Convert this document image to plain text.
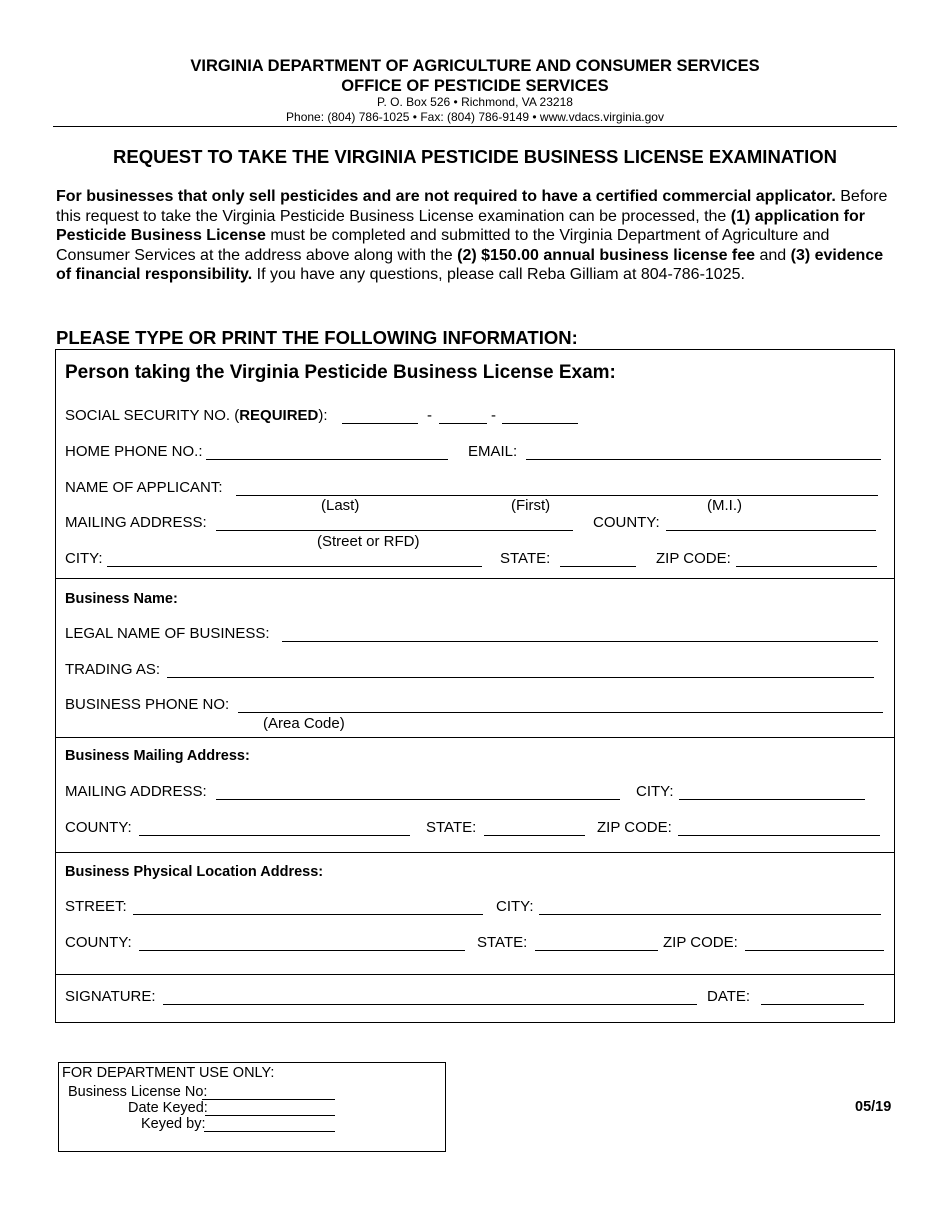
VIRGINIA DEPARTMENT OF AGRICULTURE AND CONSUMER SERVICES
OFFICE OF PESTICIDE SERVICES
P. O. Box 526 • Richmond, VA 23218
Phone: (804) 786-1025 • Fax: (804) 786-9149 • www.vdacs.virginia.gov
REQUEST TO TAKE THE VIRGINIA PESTICIDE BUSINESS LICENSE EXAMINATION
For businesses that only sell pesticides and are not required to have a certified commercial applicator. Before this request to take the Virginia Pesticide Business License examination can be processed, the (1) application for Pesticide Business License must be completed and submitted to the Virginia Department of Agriculture and Consumer Services at the address above along with the (2) $150.00 annual business license fee and (3) evidence of financial responsibility. If you have any questions, please call Reba Gilliam at 804-786-1025.
PLEASE TYPE OR PRINT THE FOLLOWING INFORMATION:
Person taking the Virginia Pesticide Business License Exam:
SOCIAL SECURITY NO. (REQUIRED):	-	-
HOME PHONE NO.:	EMAIL:
NAME OF APPLICANT:
(Last)	(First)	(M.I.)
MAILING ADDRESS:	COUNTY:
(Street or RFD)
CITY:	STATE:	ZIP CODE:
Business Name:
LEGAL NAME OF BUSINESS:
TRADING AS:
BUSINESS PHONE NO:
(Area Code)
Business Mailing Address:
MAILING ADDRESS:	CITY:
COUNTY:	STATE:	ZIP CODE:
Business Physical Location Address:
STREET:	CITY:
COUNTY:	STATE:	ZIP CODE:
SIGNATURE:	DATE:
FOR DEPARTMENT USE ONLY:
Business License No:
Date Keyed:
Keyed by:
05/19
